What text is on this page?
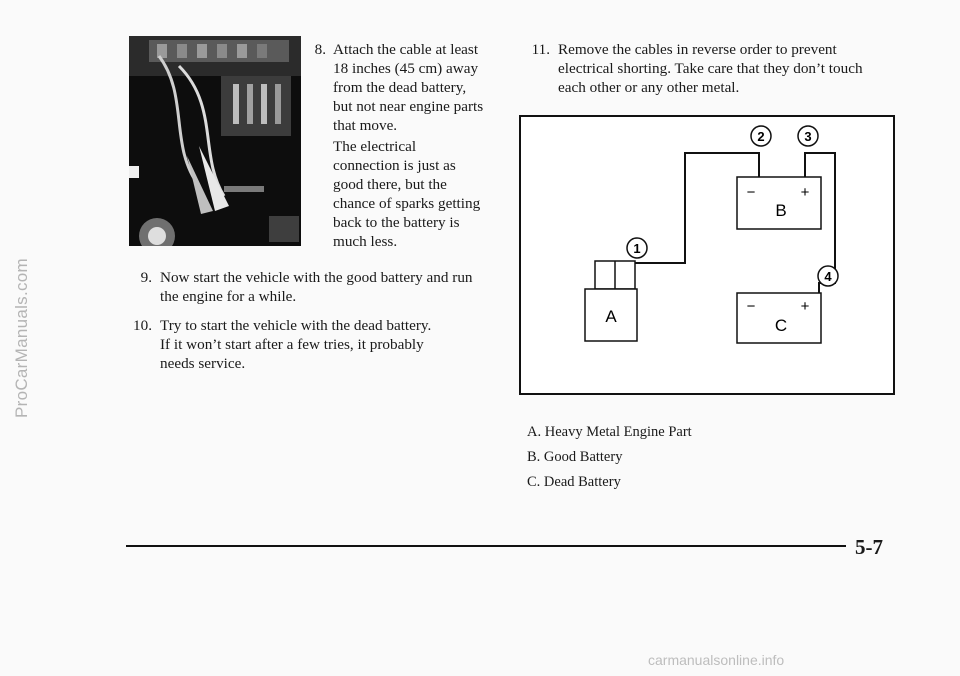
ProCarManuals.com
8. Attach the cable at least

18 inches (45 cm) away

from the dead battery,

but not near engine parts

that move.

The electrical

connection is just as

good there, but the

chance of sparks getting

back to the battery is

much less.

9. Now start the vehicle with the good battery and run

the engine for a while.

10. Try to start the vehicle with the dead battery.

If it won’t start after a few tries, it probably

needs service.

11. Remove the cables in reverse order to prevent

electrical shorting. Take care that they don’t touch

each other or any other metal.

A
−	+
B
−	+
C
1
2	3
4
A. Heavy Metal Engine Part
B. Good Battery
C. Dead Battery
5-7
carmanualsonline.info
